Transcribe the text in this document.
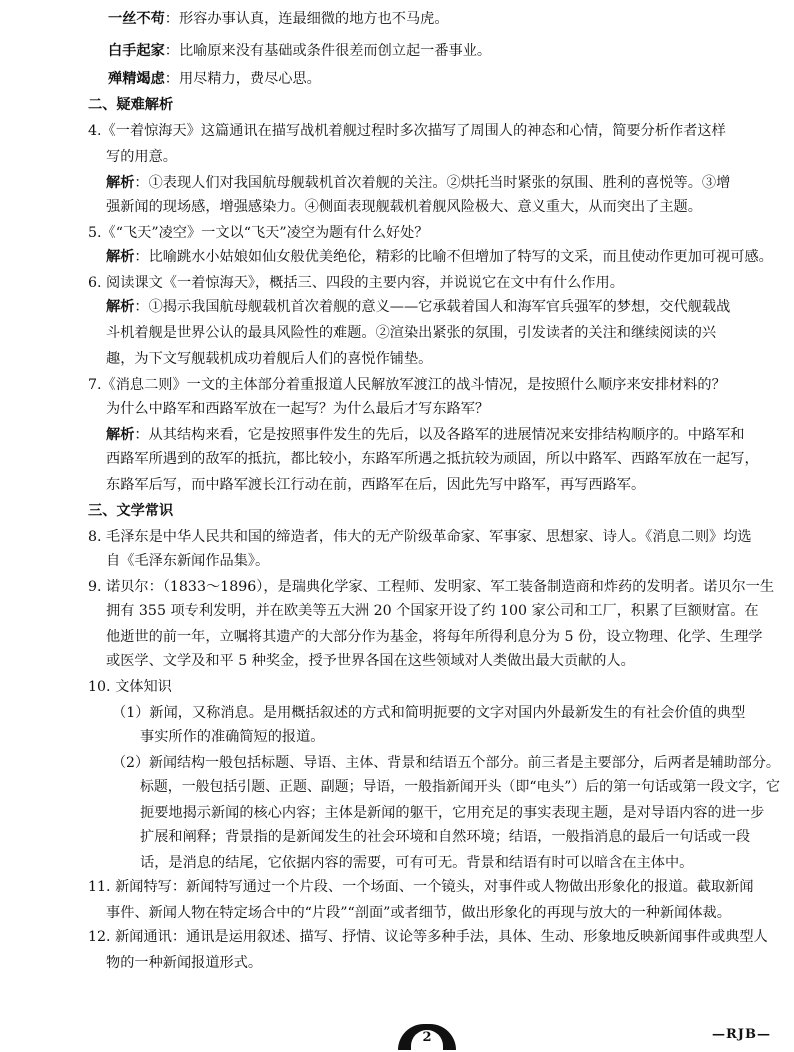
一丝不苟：形容办事认真，连最细微的地方也不马虎。
白手起家：比喻原来没有基础或条件很差而创立起一番事业。
殚精竭虑：用尽精力，费尽心思。
二、疑难解析
4.《一着惊海天》这篇通讯在描写战机着舰过程时多次描写了周围人的神态和心情，简要分析作者这样
写的用意。
解析：①表现人们对我国航母舰载机首次着舰的关注。②烘托当时紧张的氛围、胜利的喜悦等。③增
强新闻的现场感，增强感染力。④侧面表现舰载机着舰风险极大、意义重大，从而突出了主题。
5.《“飞天”凌空》一文以“飞天”凌空为题有什么好处？
解析：比喻跳水小姑娘如仙女般优美绝伦，精彩的比喻不但增加了特写的文采，而且使动作更加可视可感。
6. 阅读课文《一着惊海天》，概括三、四段的主要内容，并说说它在文中有什么作用。
解析：①揭示我国航母舰载机首次着舰的意义——它承载着国人和海军官兵强军的梦想，交代舰载战
斗机着舰是世界公认的最具风险性的难题。②渲染出紧张的氛围，引发读者的关注和继续阅读的兴
趣，为下文写舰载机成功着舰后人们的喜悦作铺垫。
7.《消息二则》一文的主体部分着重报道人民解放军渡江的战斗情况，是按照什么顺序来安排材料的？
为什么中路军和西路军放在一起写？为什么最后才写东路军？
解析：从其结构来看，它是按照事件发生的先后，以及各路军的进展情况来安排结构顺序的。中路军和
西路军所遇到的敌军的抵抗，都比较小，东路军所遇之抵抗较为顽固，所以中路军、西路军放在一起写，
东路军后写，而中路军渡长江行动在前，西路军在后，因此先写中路军，再写西路军。
三、文学常识
8. 毛泽东是中华人民共和国的缔造者，伟大的无产阶级革命家、军事家、思想家、诗人。《消息二则》均选
自《毛泽东新闻作品集》。
9. 诺贝尔：（1833～1896），是瑞典化学家、工程师、发明家、军工装备制造商和炸药的发明者。诺贝尔一生
拥有 355 项专利发明，并在欧美等五大洲 20 个国家开设了约 100 家公司和工厂，积累了巨额财富。在
他逝世的前一年，立嘱将其遗产的大部分作为基金，将每年所得利息分为 5 份，设立物理、化学、生理学
或医学、文学及和平 5 种奖金，授予世界各国在这些领域对人类做出最大贡献的人。
10. 文体知识
（1）新闻，又称消息。是用概括叙述的方式和简明扼要的文字对国内外最新发生的有社会价值的典型
事实所作的准确简短的报道。
（2）新闻结构一般包括标题、导语、主体、背景和结语五个部分。前三者是主要部分，后两者是辅助部分。
标题，一般包括引题、正题、副题；导语，一般指新闻开头（即“电头”）后的第一句话或第一段文字，它
扼要地揭示新闻的核心内容；主体是新闻的躯干，它用充足的事实表现主题，是对导语内容的进一步
扩展和阐释；背景指的是新闻发生的社会环境和自然环境；结语，一般指消息的最后一句话或一段
话，是消息的结尾，它依据内容的需要，可有可无。背景和结语有时可以暗含在主体中。
11. 新闻特写：新闻特写通过一个片段、一个场面、一个镜头，对事件或人物做出形象化的报道。截取新闻
事件、新闻人物在特定场合中的“片段”“剖面”或者细节，做出形象化的再现与放大的一种新闻体裁。
12. 新闻通讯：通讯是运用叙述、描写、抒情、议论等多种手法，具体、生动、形象地反映新闻事件或典型人
物的一种新闻报道形式。
2	—RJB—
